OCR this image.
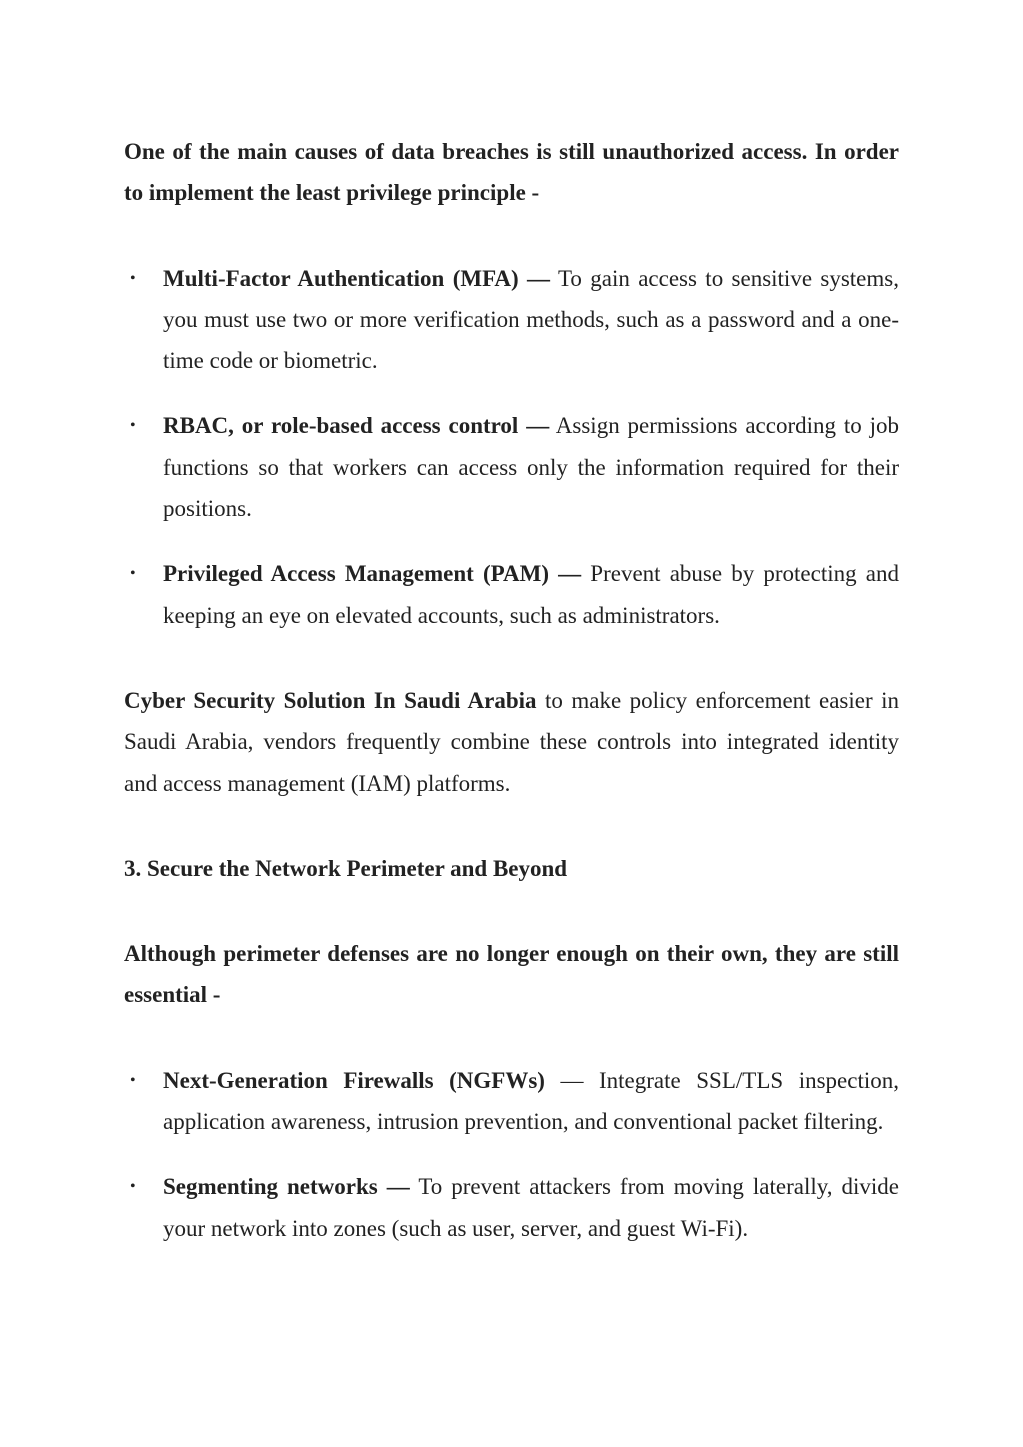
One of the main causes of data breaches is still unauthorized access. In order to implement the least privilege principle -

• Multi-Factor Authentication (MFA) — To gain access to sensitive systems, you must use two or more verification methods, such as a password and a one-time code or biometric.
• RBAC, or role-based access control — Assign permissions according to job functions so that workers can access only the information required for their positions.
• Privileged Access Management (PAM) — Prevent abuse by protecting and keeping an eye on elevated accounts, such as administrators.

Cyber Security Solution In Saudi Arabia to make policy enforcement easier in Saudi Arabia, vendors frequently combine these controls into integrated identity and access management (IAM) platforms.

3. Secure the Network Perimeter and Beyond

Although perimeter defenses are no longer enough on their own, they are still essential -

• Next-Generation Firewalls (NGFWs) — Integrate SSL/TLS inspection, application awareness, intrusion prevention, and conventional packet filtering.
• Segmenting networks — To prevent attackers from moving laterally, divide your network into zones (such as user, server, and guest Wi-Fi).
